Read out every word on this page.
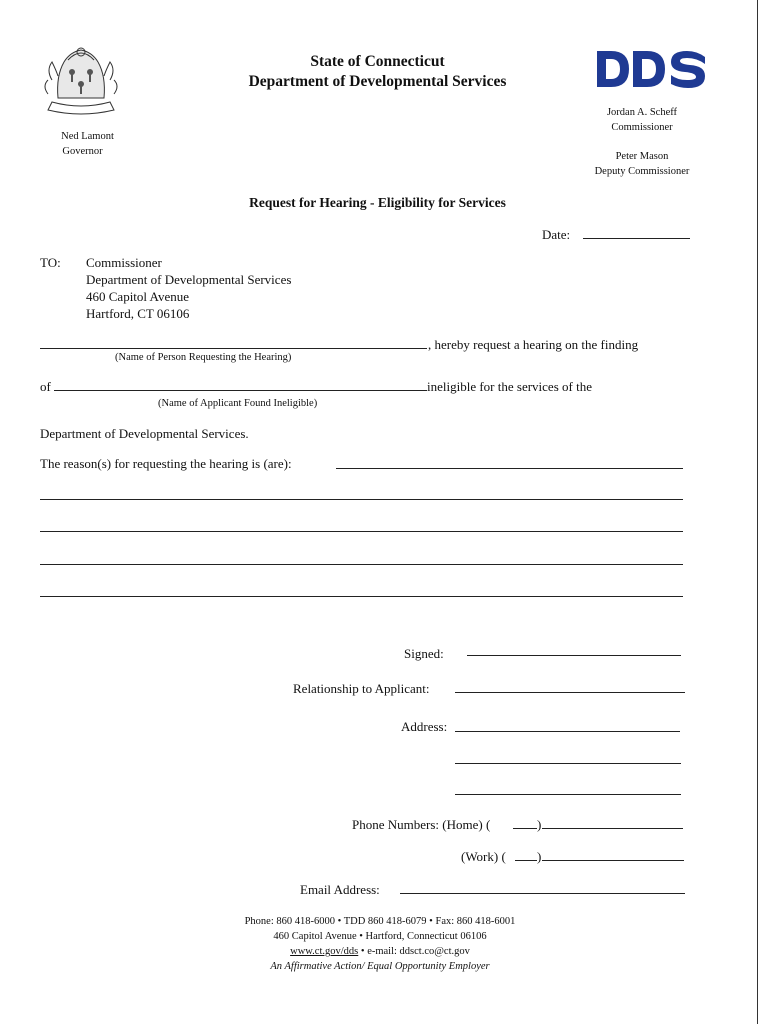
State of Connecticut
Department of Developmental Services
Ned Lamont
Governor
Jordan A. Scheff
Commissioner
Peter Mason
Deputy Commissioner
Request for Hearing - Eligibility for Services
Date:
TO: Commissioner
Department of Developmental Services
460 Capitol Avenue
Hartford, CT 06106
, hereby request a hearing on the finding
(Name of Person Requesting the Hearing)
of	ineligible for the services of the
(Name of Applicant Found Ineligible)
Department of Developmental Services.
The reason(s) for requesting the hearing is (are):
Signed:
Relationship to Applicant:
Address:
Phone Numbers: (Home) (	)
(Work) ( )
Email Address:
Phone: 860 418-6000 • TDD 860 418-6079 • Fax: 860 418-6001
460 Capitol Avenue • Hartford, Connecticut 06106
www.ct.gov/dds • e-mail: ddsct.co@ct.gov
An Affirmative Action/ Equal Opportunity Employer
